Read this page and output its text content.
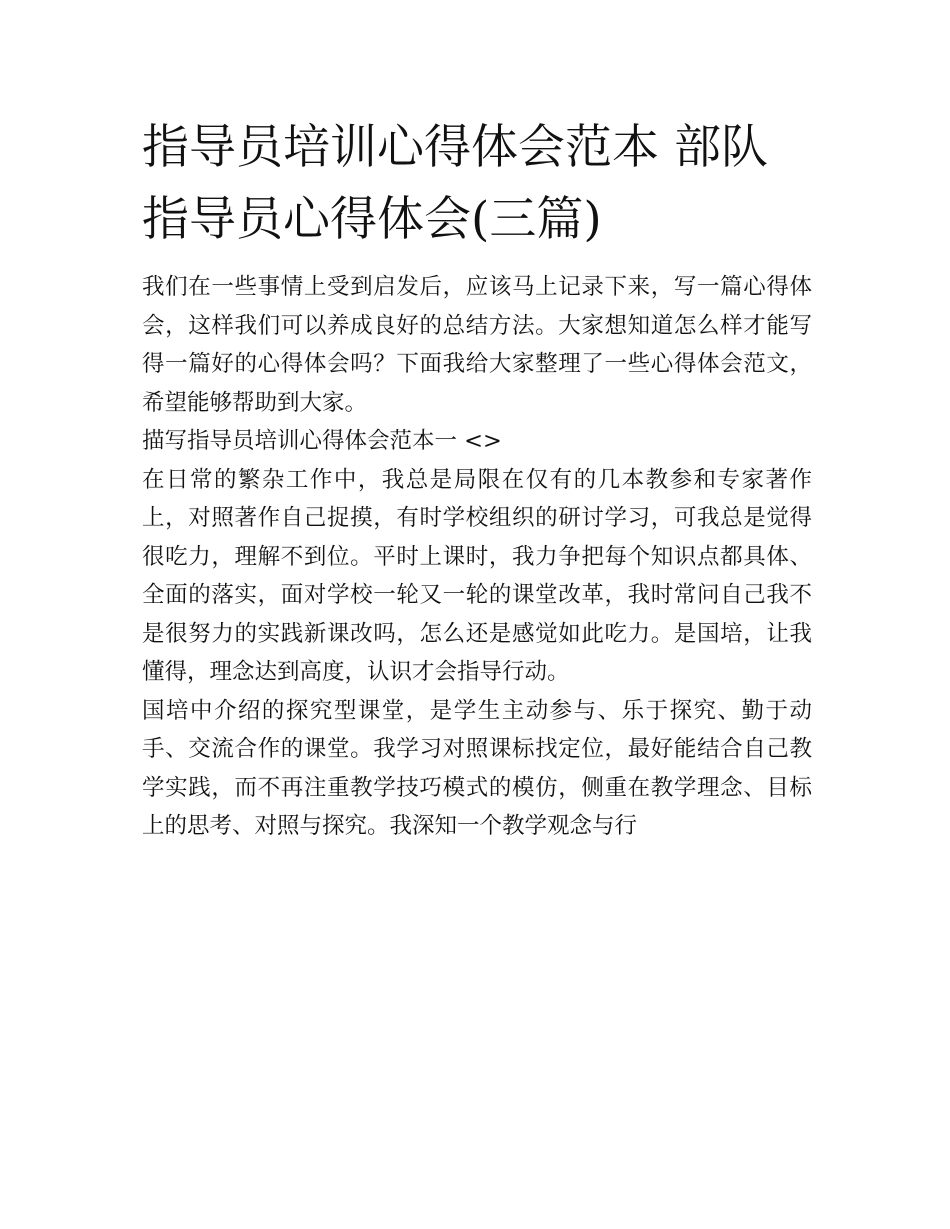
指导员培训心得体会范本 部队指导员心得体会(三篇)

我们在一些事情上受到启发后，应该马上记录下来，写一篇心得体会，这样我们可以养成良好的总结方法。大家想知道怎么样才能写得一篇好的心得体会吗？下面我给大家整理了一些心得体会范文，希望能够帮助到大家。

描写指导员培训心得体会范本一 <>

在日常的繁杂工作中，我总是局限在仅有的几本教参和专家著作上，对照著作自己捉摸，有时学校组织的研讨学习，可我总是觉得很吃力，理解不到位。平时上课时，我力争把每个知识点都具体、全面的落实，面对学校一轮又一轮的课堂改革，我时常问自己我不是很努力的实践新课改吗，怎么还是感觉如此吃力。是国培，让我懂得，理念达到高度，认识才会指导行动。

国培中介绍的探究型课堂，是学生主动参与、乐于探究、勤于动手、交流合作的课堂。我学习对照课标找定位，最好能结合自己教学实践，而不再注重教学技巧模式的模仿，侧重在教学理念、目标上的思考、对照与探究。我深知一个教学观念与行
